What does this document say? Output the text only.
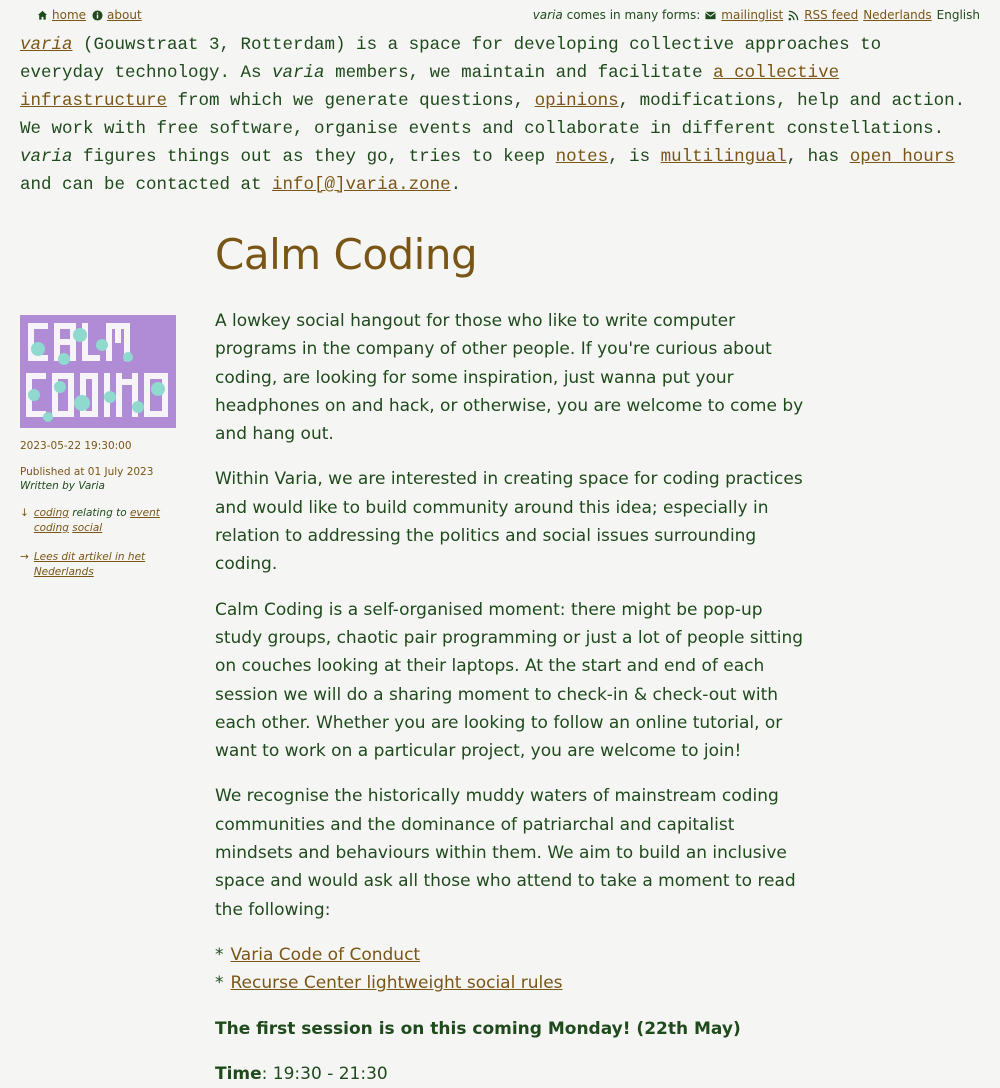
home about	varia comes in many forms: mailinglist RSS feed Nederlands English
varia (Gouwstraat 3, Rotterdam) is a space for developing collective approaches to everyday technology. As varia members, we maintain and facilitate a collective infrastructure from which we generate questions, opinions, modifications, help and action. We work with free software, organise events and collaborate in different constellations. varia figures things out as they go, tries to keep notes, is multilingual, has open hours and can be contacted at info[@]varia.zone.
2023-05-22 19:30:00
Published at 01 July 2023
Written by Varia
↓ coding relating to event coding social
→ Lees dit artikel in het Nederlands
Calm Coding

A lowkey social hangout for those who like to write computer programs in the company of other people. If you're curious about coding, are looking for some inspiration, just wanna put your headphones on and hack, or otherwise, you are welcome to come by and hang out.

Within Varia, we are interested in creating space for coding practices and would like to build community around this idea; especially in relation to addressing the politics and social issues surrounding coding.

Calm Coding is a self-organised moment: there might be pop-up study groups, chaotic pair programming or just a lot of people sitting on couches looking at their laptops. At the start and end of each session we will do a sharing moment to check-in & check-out with each other. Whether you are looking to follow an online tutorial, or want to work on a particular project, you are welcome to join!

We recognise the historically muddy waters of mainstream coding communities and the dominance of patriarchal and capitalist mindsets and behaviours within them. We aim to build an inclusive space and would ask all those who attend to take a moment to read the following:

* Varia Code of Conduct
* Recurse Center lightweight social rules

The first session is on this coming Monday! (22th May)

Time: 19:30 - 21:30
